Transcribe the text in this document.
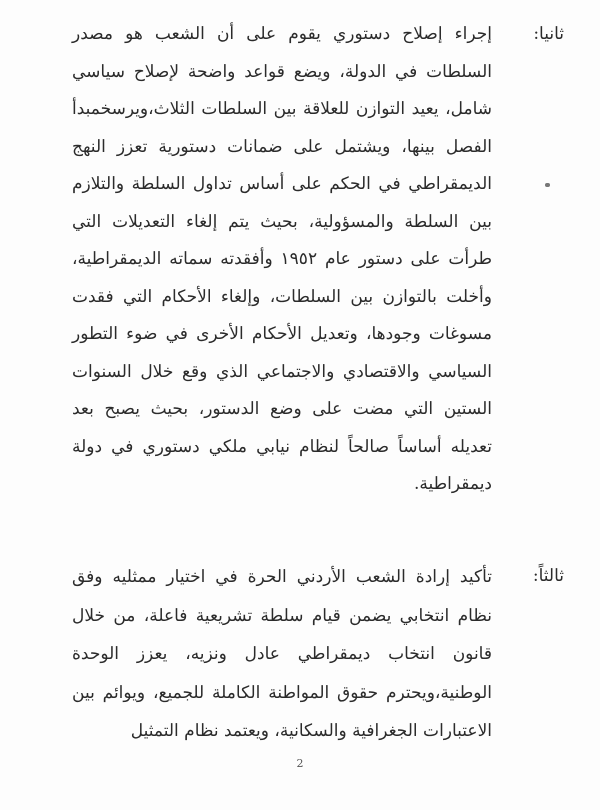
ثانيا:

إجراء إصلاح دستوري يقوم على أن الشعب هو مصدر السلطات في الدولة، ويضع قواعد واضحة لإصلاح سياسي شامل، يعيد التوازن للعلاقة بين السلطات الثلاث،ويرسخمبدأ الفصل بينها، ويشتمل على ضمانات دستورية تعزز النهج الديمقراطي في الحكم على أساس تداول السلطة والتلازم بين السلطة والمسؤولية، بحيث يتم إلغاء التعديلات التي طرأت على دستور عام ١٩٥٢ وأفقدته سماته الديمقراطية، وأخلت بالتوازن بين السلطات، وإلغاء الأحكام التي فقدت مسوغات وجودها، وتعديل الأحكام الأخرى في ضوء التطور السياسي والاقتصادي والاجتماعي الذي وقع خلال السنوات الستين التي مضت على وضع الدستور، بحيث يصبح بعد تعديله أساساً صالحاً لنظام نيابي ملكي دستوري في دولة ديمقراطية.

ثالثاً:

تأكيد إرادة الشعب الأردني الحرة في اختيار ممثليه وفق نظام انتخابي يضمن قيام سلطة تشريعية فاعلة، من خلال قانون انتخاب ديمقراطي عادل ونزيه، يعزز الوحدة الوطنية،ويحترم حقوق المواطنة الكاملة للجميع، ويوائم بين الاعتبارات الجغرافية والسكانية، ويعتمد نظام التمثيل

2
